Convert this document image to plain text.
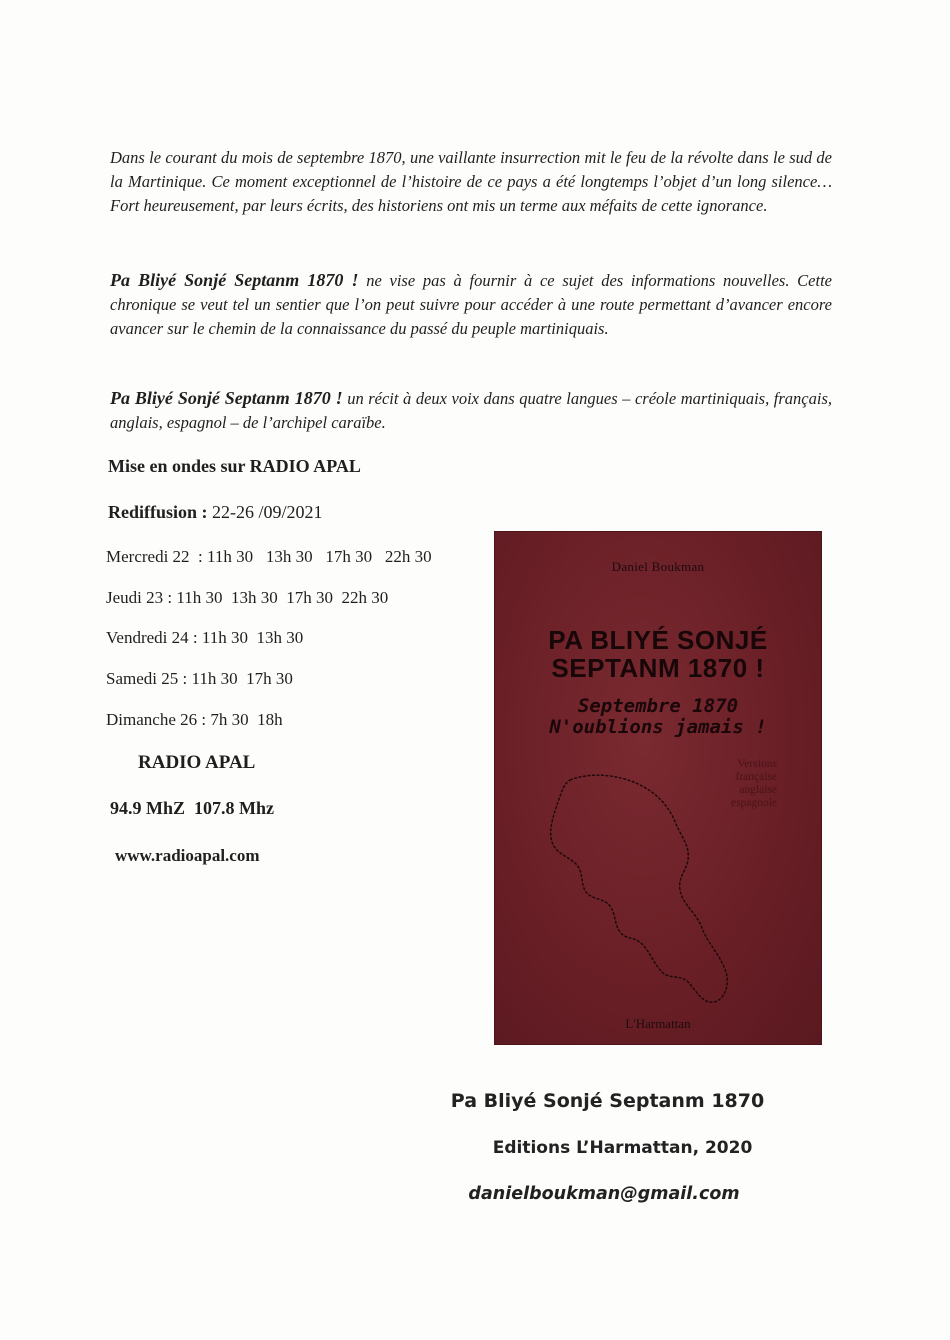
Dans le courant du mois de septembre 1870, une vaillante insurrection mit le feu de la révolte dans le sud de la Martinique. Ce moment exceptionnel de l’histoire de ce pays a été longtemps l’objet d’un long silence… Fort heureusement, par leurs écrits, des historiens ont mis un terme aux méfaits de cette ignorance.

Pa Bliyé Sonjé Septanm 1870 ! ne vise pas à fournir à ce sujet des informations nouvelles. Cette chronique se veut tel un sentier que l’on peut suivre pour accéder à une route permettant d’avancer encore avancer sur le chemin de la connaissance du passé du peuple martiniquais.

Pa Bliyé Sonjé Septanm 1870 ! un récit à deux voix dans quatre langues – créole martiniquais, français, anglais, espagnol – de l’archipel caraïbe.

Mise en ondes sur RADIO APAL

Rediffusion : 22-26 /09/2021

Mercredi 22  : 11h 30   13h 30   17h 30   22h 30

Jeudi 23 : 11h 30  13h 30  17h 30  22h 30

Vendredi 24 : 11h 30  13h 30

Samedi 25 : 11h 30  17h 30

Dimanche 26 : 7h 30  18h

RADIO APAL

94.9 MhZ  107.8 Mhz

www.radioapal.com

Daniel Boukman
PA BLIYÉ SONJÉ
SEPTANM 1870 !
Septembre 1870
N'oublions jamais !
Versions
française
anglaise
espagnole
L'Harmattan

Pa Bliyé Sonjé Septanm 1870

Editions L’Harmattan, 2020

danielboukman@gmail.com
